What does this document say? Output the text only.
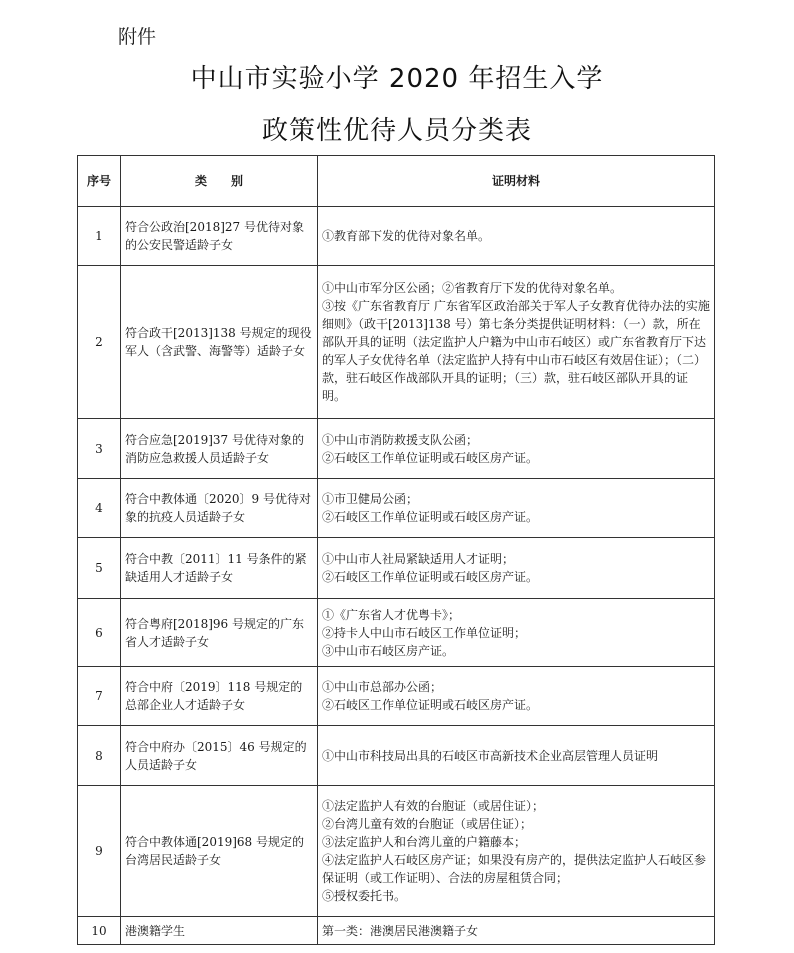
附件
中山市实验小学 2020 年招生入学
政策性优待人员分类表
序号	类　　别	证明材料
1	符合公政治[2018]27 号优待对象的公安民警适龄子女	①教育部下发的优待对象名单。

2	符合政干[2013]138 号规定的现役军人（含武警、海警等）适龄子女	①中山市军分区公函；②省教育厅下发的优待对象名单。
③按《广东省教育厅 广东省军区政治部关于军人子女教育优待办法的实施细则》（政干[2013]138 号）第七条分类提供证明材料：（一）款，所在部队开具的证明（法定监护人户籍为中山市石岐区）或广东省教育厅下达的军人子女优待名单（法定监护人持有中山市石岐区有效居住证）；（二）款，驻石岐区作战部队开具的证明；（三）款，驻石岐区部队开具的证明。

3	符合应急[2019]37 号优待对象的消防应急救援人员适龄子女	①中山市消防救援支队公函；
②石岐区工作单位证明或石岐区房产证。

4	符合中教体通〔2020〕9 号优待对象的抗疫人员适龄子女	①市卫健局公函；
②石岐区工作单位证明或石岐区房产证。

5	符合中教〔2011〕11 号条件的紧缺适用人才适龄子女	①中山市人社局紧缺适用人才证明；
②石岐区工作单位证明或石岐区房产证。

6	符合粤府[2018]96 号规定的广东省人才适龄子女	①《广东省人才优粤卡》；
②持卡人中山市石岐区工作单位证明；
③中山市石岐区房产证。

7	符合中府〔2019〕118 号规定的总部企业人才适龄子女	①中山市总部办公函；
②石岐区工作单位证明或石岐区房产证。

8	符合中府办〔2015〕46 号规定的人员适龄子女	①中山市科技局出具的石岐区市高新技术企业高层管理人员证明

9	符合中教体通[2019]68 号规定的台湾居民适龄子女	①法定监护人有效的台胞证（或居住证）；
②台湾儿童有效的台胞证（或居住证）；
③法定监护人和台湾儿童的户籍藤本；
④法定监护人石岐区房产证；如果没有房产的，提供法定监护人石岐区参保证明（或工作证明）、合法的房屋租赁合同；
⑤授权委托书。

10	港澳籍学生	第一类：港澳居民港澳籍子女
